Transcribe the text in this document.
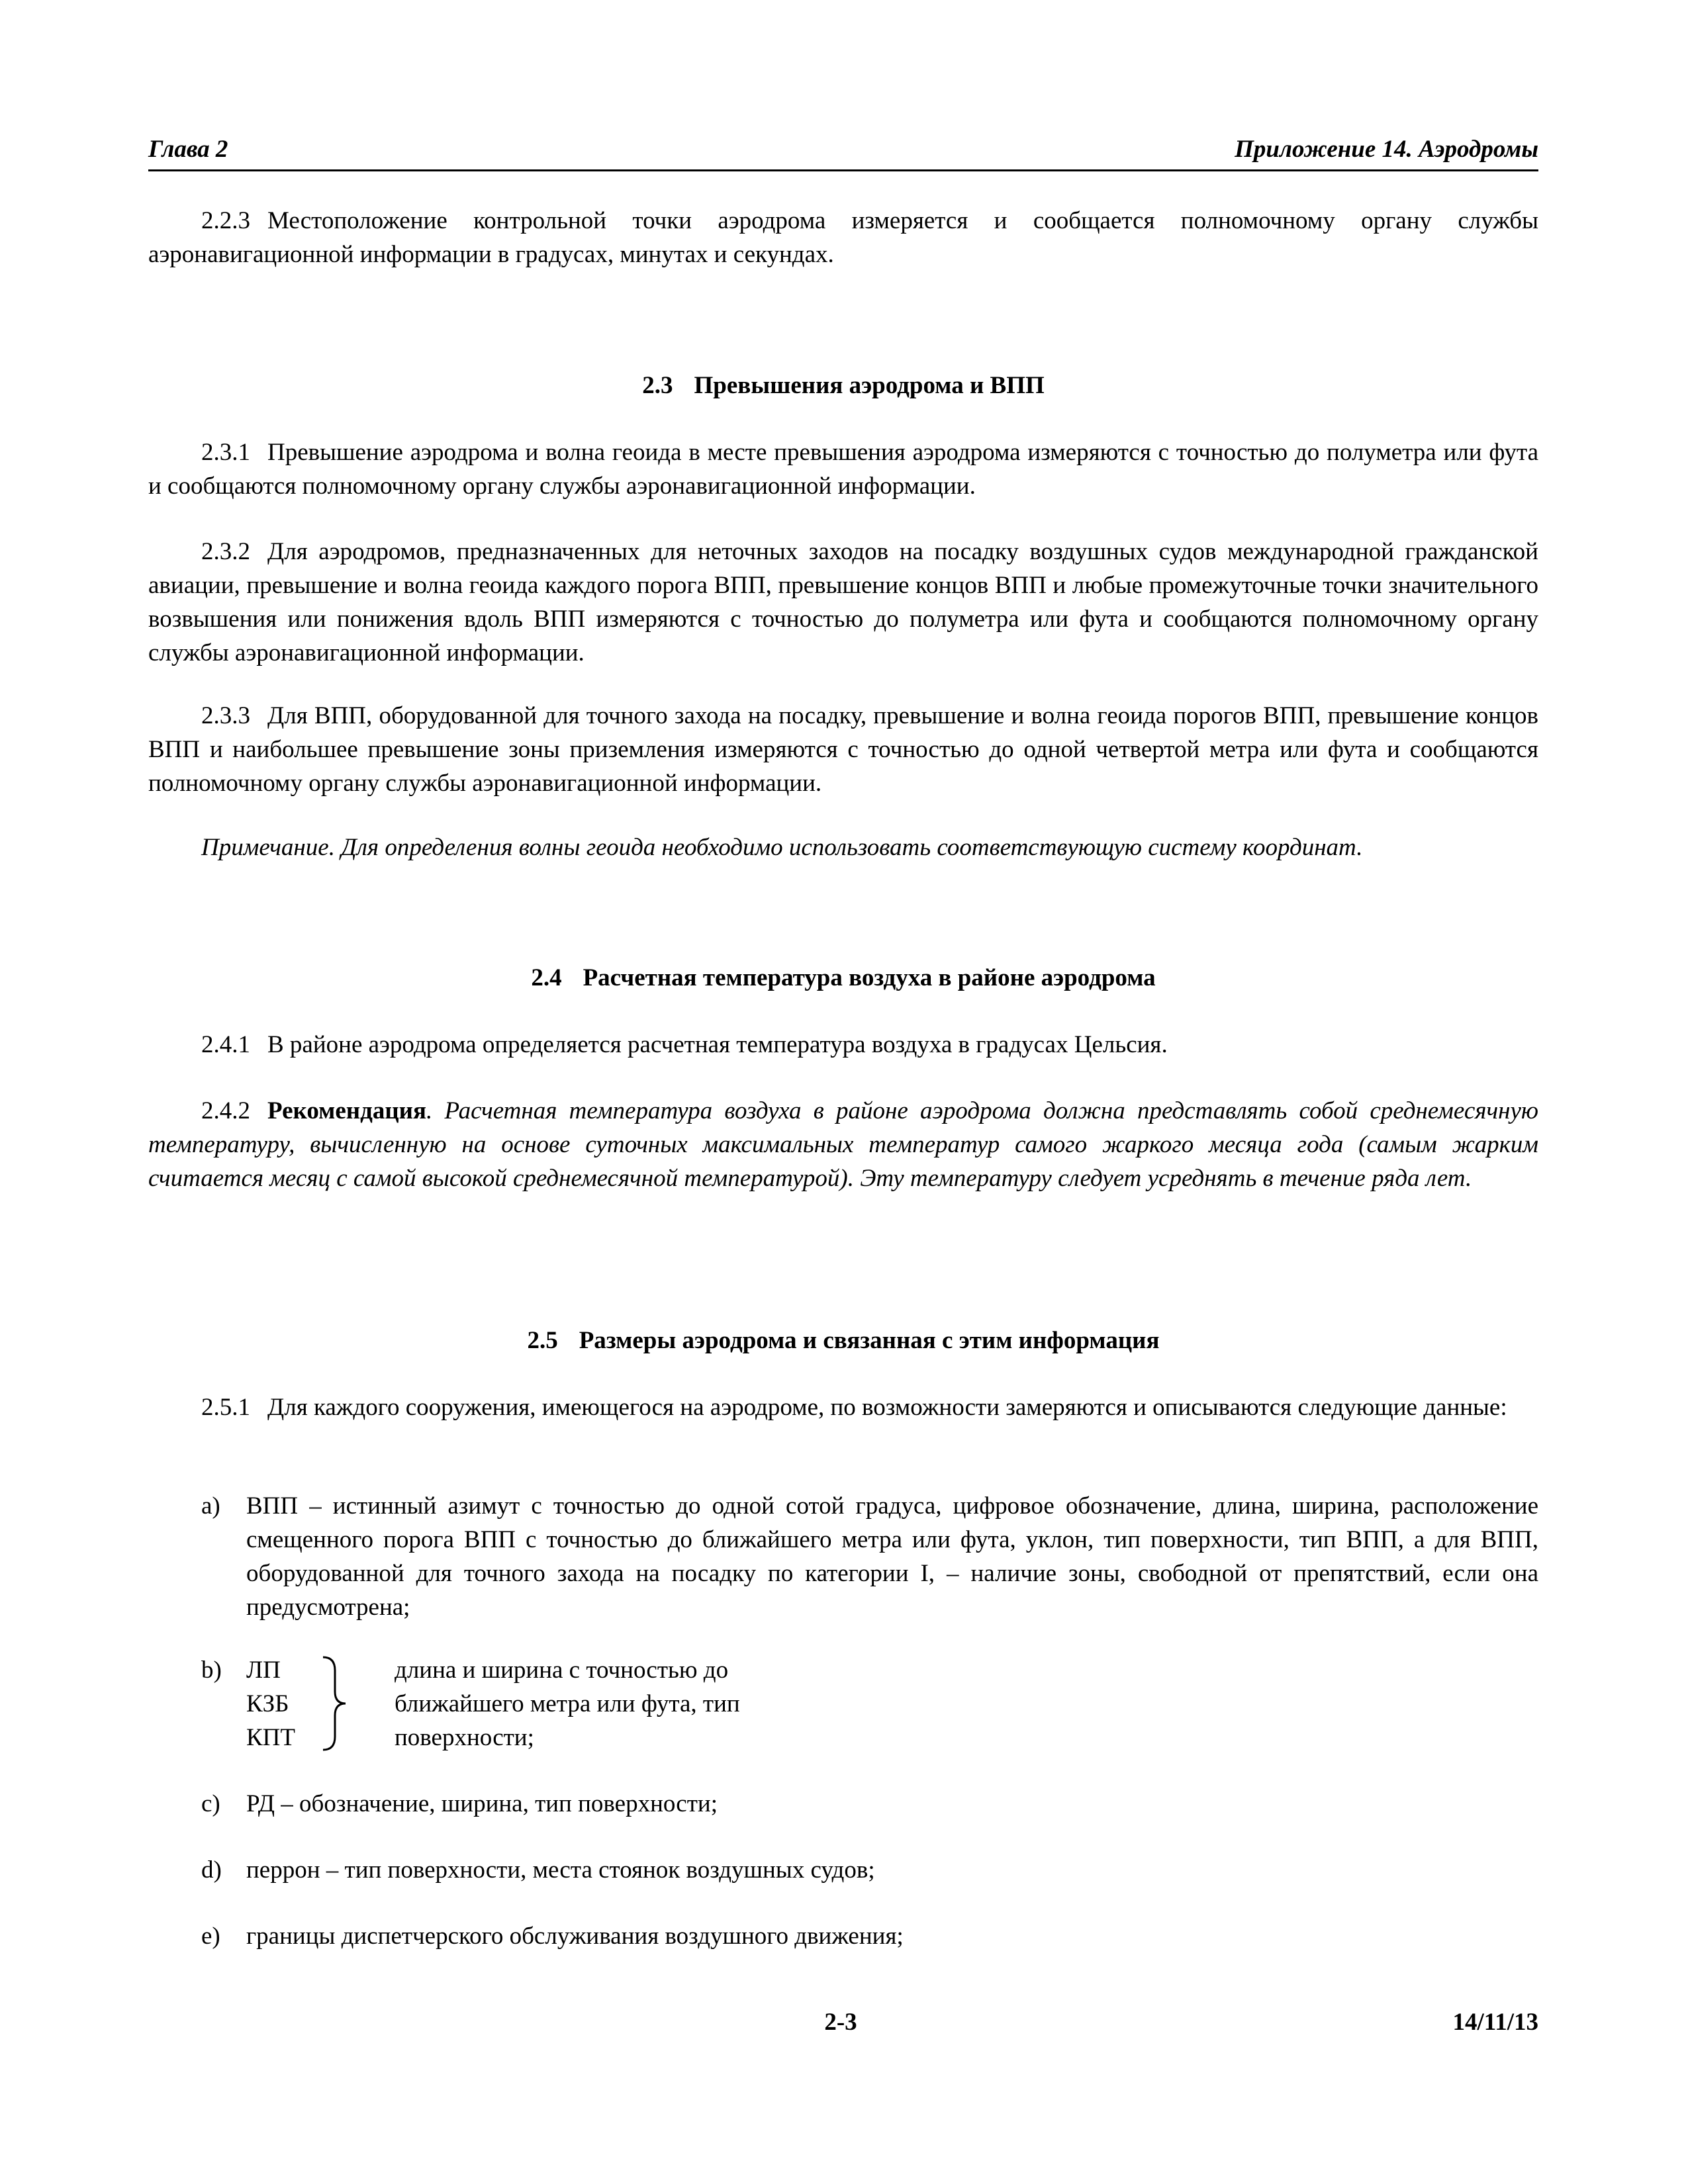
Глава 2	Приложение 14. Аэродромы
2.2.3 Местоположение контрольной точки аэродрома измеряется и сообщается полномочному органу службы аэронавигационной информации в градусах, минутах и секундах.
2.3 Превышения аэродрома и ВПП
2.3.1 Превышение аэродрома и волна геоида в месте превышения аэродрома измеряются с точностью до полуметра или фута и сообщаются полномочному органу службы аэронавигационной информации.
2.3.2 Для аэродромов, предназначенных для неточных заходов на посадку воздушных судов международной гражданской авиации, превышение и волна геоида каждого порога ВПП, превышение концов ВПП и любые промежуточные точки значительного возвышения или понижения вдоль ВПП измеряются с точностью до полуметра или фута и сообщаются полномочному органу службы аэронавигационной информации.
2.3.3 Для ВПП, оборудованной для точного захода на посадку, превышение и волна геоида порогов ВПП, превышение концов ВПП и наибольшее превышение зоны приземления измеряются с точностью до одной четвертой метра или фута и сообщаются полномочному органу службы аэронавигационной информации.
Примечание. Для определения волны геоида необходимо использовать соответствующую систему координат.
2.4 Расчетная температура воздуха в районе аэродрома
2.4.1 В районе аэродрома определяется расчетная температура воздуха в градусах Цельсия.
2.4.2 Рекомендация. Расчетная температура воздуха в районе аэродрома должна представлять собой среднемесячную температуру, вычисленную на основе суточных максимальных температур самого жаркого месяца года (самым жарким считается месяц с самой высокой среднемесячной температурой). Эту температуру следует усреднять в течение ряда лет.
2.5 Размеры аэродрома и связанная с этим информация
2.5.1 Для каждого сооружения, имеющегося на аэродроме, по возможности замеряются и описываются следующие данные:
a)	ВПП – истинный азимут с точностью до одной сотой градуса, цифровое обозначение, длина, ширина, расположение смещенного порога ВПП с точностью до ближайшего метра или фута, уклон, тип поверхности, тип ВПП, а для ВПП, оборудованной для точного захода на посадку по категории I, – наличие зоны, свободной от препятствий, если она предусмотрена;
b)	ЛП
КЗБ
КПТ
длина и ширина с точностью до
ближайшего метра или фута, тип
поверхности;
c)	РД – обозначение, ширина, тип поверхности;
d)	перрон – тип поверхности, места стоянок воздушных судов;
e)	границы диспетчерского обслуживания воздушного движения;
2-3	14/11/13
